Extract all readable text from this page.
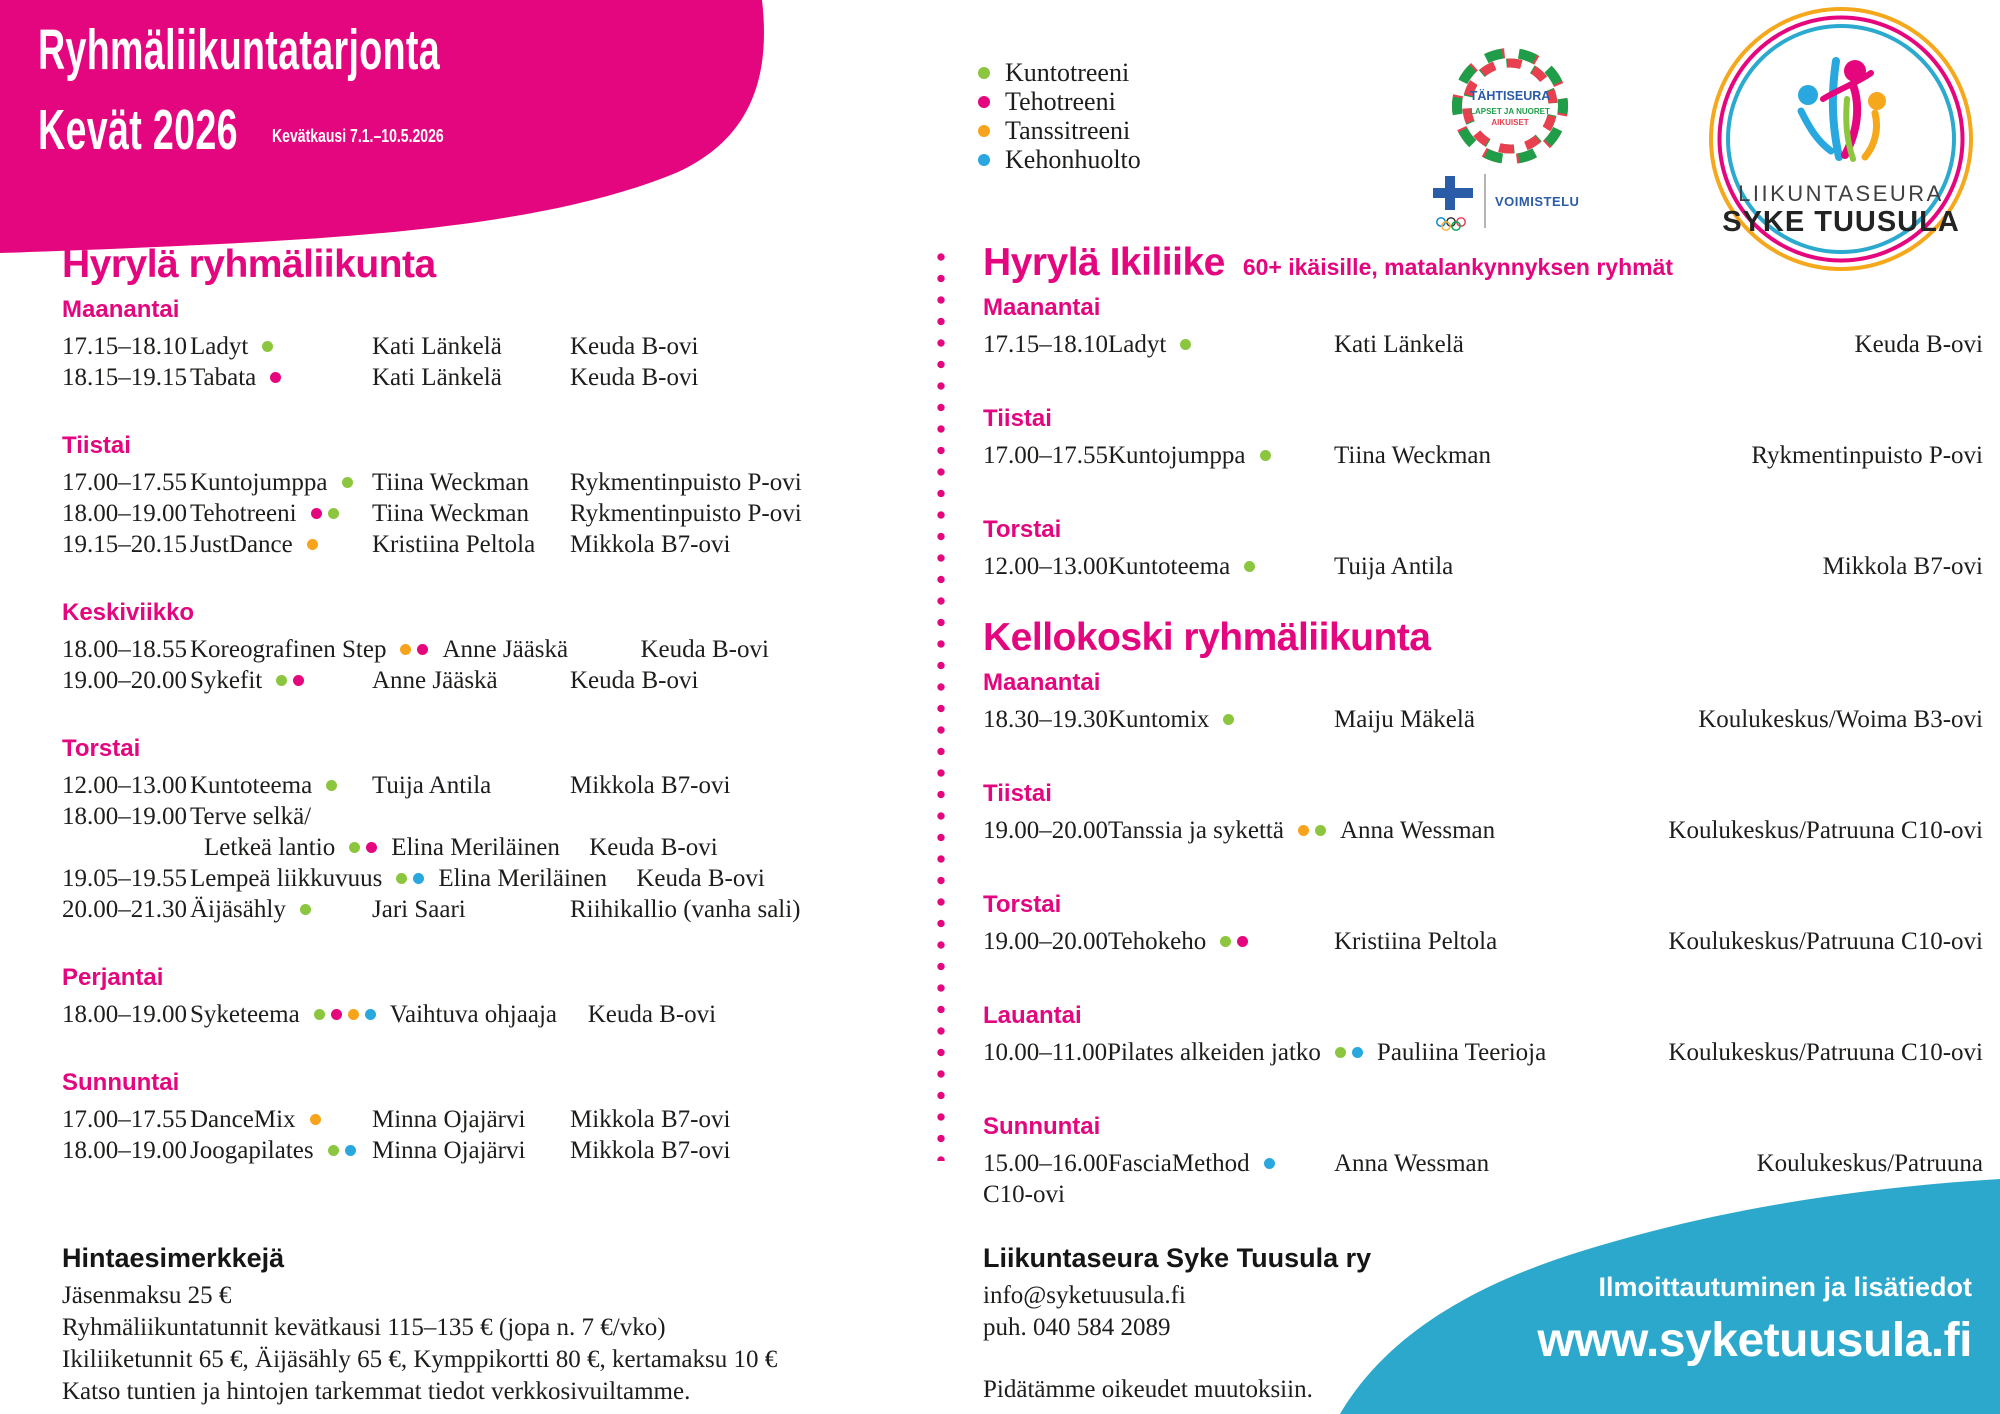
Ryhmäliikuntatarjonta
Kevät 2026 Kevätkausi 7.1.–10.5.2026
Kuntotreeni
Tehotreeni
Tanssitreeni
Kehonhuolto
TÄHTISEURA
LAPSET JA NUORET
AIKUISET
VOIMISTELU	LIIKUNTASEURA
SYKE TUUSULA
Hyrylä ryhmäliikunta
Maanantai
17.15–18.10 Ladyt	Kati Länkelä	Keuda B-ovi
18.15–19.15 Tabata	Kati Länkelä	Keuda B-ovi
Tiistai
17.00–17.55 Kuntojumppa	Tiina Weckman	Rykmentinpuisto P-ovi
18.00–19.00 Tehotreeni	Tiina Weckman	Rykmentinpuisto P-ovi
19.15–20.15 JustDance	Kristiina Peltola	Mikkola B7-ovi
Keskiviikko
18.00–18.55 Koreografinen Step	Anne Jääskä	Keuda B-ovi
19.00–20.00 Sykefit	Anne Jääskä	Keuda B-ovi
Torstai
12.00–13.00 Kuntoteema	Tuija Antila	Mikkola B7-ovi
18.00–19.00 Terve selkä/
Letkeä lantio	Elina Meriläinen	Keuda B-ovi
19.05–19.55 Lempeä liikkuvuus	Elina Meriläinen	Keuda B-ovi
20.00–21.30 Äijäsähly	Jari Saari	Riihikallio (vanha sali)
Perjantai
18.00–19.00 Syketeema	Vaihtuva ohjaaja	Keuda B-ovi
Sunnuntai
17.00–17.55 DanceMix	Minna Ojajärvi	Mikkola B7-ovi
18.00–19.00 Joogapilates	Minna Ojajärvi	Mikkola B7-ovi
Hyrylä Ikiliike 60+ ikäisille, matalankynnyksen ryhmät
Maanantai
17.15–18.10 Ladyt	Kati Länkelä	Keuda B-ovi
Tiistai
17.00–17.55 Kuntojumppa	Tiina Weckman	Rykmentinpuisto P-ovi
Torstai
12.00–13.00 Kuntoteema	Tuija Antila	Mikkola B7-ovi
Kellokoski ryhmäliikunta
Maanantai
18.30–19.30 Kuntomix	Maiju Mäkelä	Koulukeskus/Woima B3-ovi
Tiistai
19.00–20.00 Tanssia ja sykettä	Anna Wessman	Koulukeskus/Patruuna C10-ovi
Torstai
19.00–20.00 Tehokeho	Kristiina Peltola	Koulukeskus/Patruuna C10-ovi
Lauantai
10.00–11.00 Pilates alkeiden jatko	Pauliina Teerioja	Koulukeskus/Patruuna C10-ovi
Sunnuntai
15.00–16.00 FasciaMethod	Anna Wessman	Koulukeskus/Patruuna
C10-ovi
Hintaesimerkkejä
Jäsenmaksu 25 €
Ryhmäliikuntatunnit kevätkausi 115–135 € (jopa n. 7 €/vko)
Ikiliiketunnit 65 €, Äijäsähly 65 €, Kymppikortti 80 €, kertamaksu 10 €
Katso tuntien ja hintojen tarkemmat tiedot verkkosivuiltamme.
Liikuntaseura Syke Tuusula ry
info@syketuusula.fi
puh. 040 584 2089
Pidätämme oikeudet muutoksiin.
Ilmoittautuminen ja lisätiedot
www.syketuusula.fi
